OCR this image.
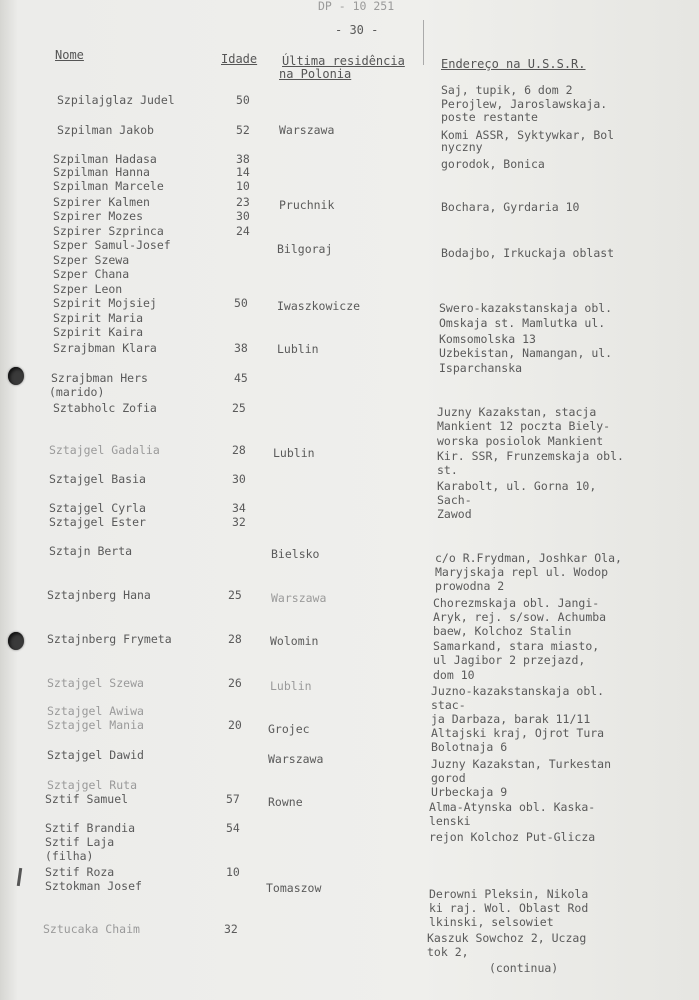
DP - 10 251
- 30 -
Nome	Idade Última residência
na Polonia
Endereço na U.S.S.R.
Szpilajglaz Judel
Szpilman Jakob
Szpilman Hadasa
Szpilman Hanna
Szpilman Marcele
Szpirer Kalmen
Szpirer Mozes
Szpirer Szprinca
Szper Samul-Josef
Szper Szewa
Szper Chana
Szper Leon
Szpirit Mojsiej
Szpirit Maria
Szpirit Kaira
Szrajbman Klara
Szrajbman Hers
(marido)
Sztabholc Zofia
Sztajgel Gadalia
Sztajgel Basia
Sztajgel Cyrla
Sztajgel Ester
Sztajn Berta
Sztajnberg Hana
Sztajnberg Frymeta
Sztajgel Szewa
Sztajgel Awiwa
Sztajgel Mania
Sztajgel Dawid
Sztajgel Ruta
Sztif Samuel
Sztif Brandia
Sztif Laja
(filha)
Sztif Roza
Sztokman Josef
Sztucaka Chaim
50
52
38
14
10
23
30
24
50
38
45
25
28
30
34
32
25
28
26
20
57
54
10
32
Warszawa
Pruchnik
Bilgoraj
Iwaszkowicze
Lublin
Lublin
Bielsko
Warszawa
Wolomin
Lublin
Grojec
Warszawa
Rowne
Tomaszow
Saj, tupik, 6 dom 2
Perojlew, Jaroslawskaja.
poste restante
Komi ASSR, Syktywkar, Bol
nyczny
gorodok, Bonica
Bochara, Gyrdaria 10
Bodajbo, Irkuckaja oblast
Swero-kazakstanskaja obl.
Omskaja st. Mamlutka ul.
Komsomolska 13
Uzbekistan, Namangan, ul.
Isparchanska
Juzny Kazakstan, stacja
Mankient 12 poczta Biely-
worska posiolok Mankient
Kir. SSR, Frunzemskaja obl.
st.
Karabolt, ul. Gorna 10,
Sach-
Zawod
c/o R.Frydman, Joshkar Ola,
Maryjskaja repl ul. Wodop
prowodna 2
Chorezmskaja obl. Jangi-
Aryk, rej. s/sow. Achumba
baew, Kolchoz Stalin
Samarkand, stara miasto,
ul Jagibor 2 przejazd,
dom 10
Juzno-kazakstanskaja obl.
stac-
ja Darbaza, barak 11/11
Altajski kraj, Ojrot Tura
Bolotnaja 6
Juzny Kazakstan, Turkestan
gorod
Urbeckaja 9
Alma-Atynska obl. Kaska-
lenski
rejon Kolchoz Put-Glicza
Derowni Pleksin, Nikola
ki raj. Wol. Oblast Rod
lkinski, selsowiet
Kaszuk Sowchoz 2, Uczag
tok 2,
(continua)
